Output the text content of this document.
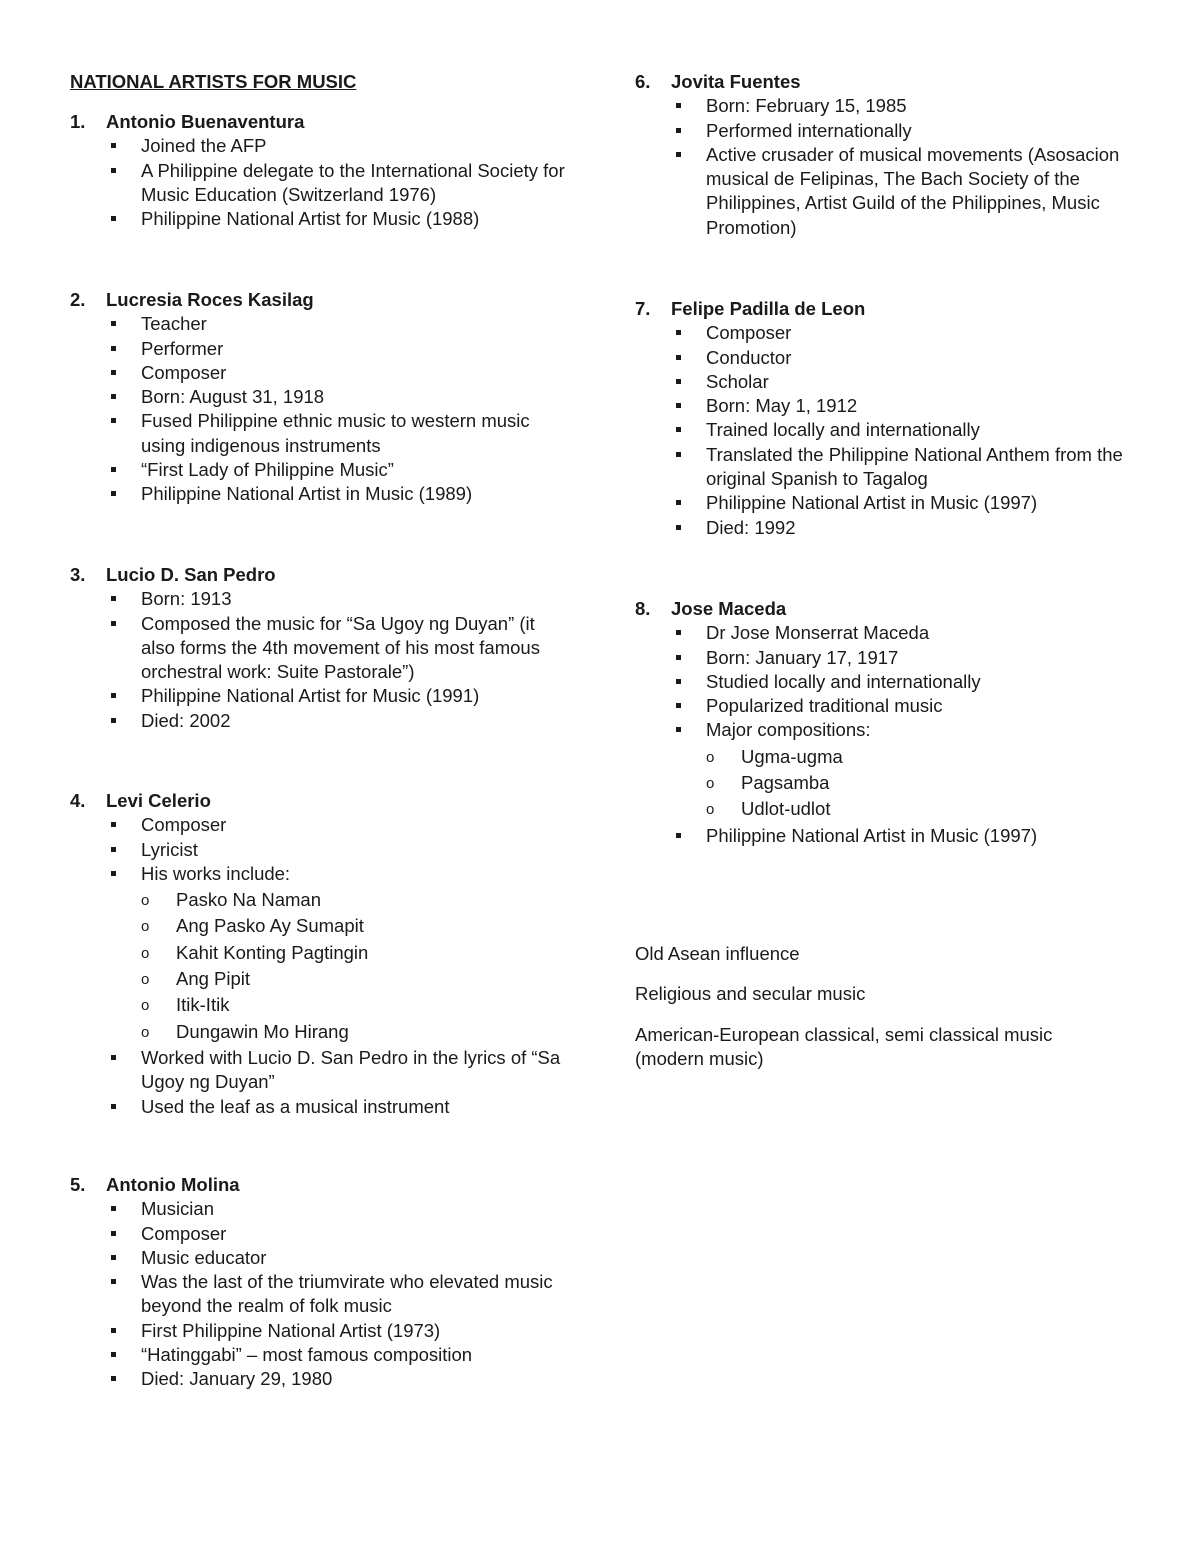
NATIONAL ARTISTS FOR MUSIC
1.	Antonio Buenaventura
Joined the AFP
A Philippine delegate to the International Society for Music Education (Switzerland 1976)
Philippine National Artist for Music (1988)
2.	Lucresia Roces Kasilag
Teacher
Performer
Composer
Born: August 31, 1918
Fused Philippine ethnic music to western music using indigenous instruments
“First Lady of Philippine Music”
Philippine National Artist in Music (1989)
3.	Lucio D. San Pedro
Born: 1913
Composed the music for “Sa Ugoy ng Duyan” (it also forms the 4th movement of his most famous orchestral work: Suite Pastorale”)
Philippine National Artist for Music (1991)
Died: 2002
4.	Levi Celerio
Composer
Lyricist
His works include:
o Pasko Na Naman
o Ang Pasko Ay Sumapit
o Kahit Konting Pagtingin
o Ang Pipit
o Itik-Itik
o Dungawin Mo Hirang
Worked with Lucio D. San Pedro in the lyrics of “Sa Ugoy ng Duyan”
Used the leaf as a musical instrument
5.	Antonio Molina
Musician
Composer
Music educator
Was the last of the triumvirate who elevated music beyond the realm of folk music
First Philippine National Artist (1973)
“Hatinggabi” – most famous composition
Died: January 29, 1980
6.	Jovita Fuentes
Born: February 15, 1985
Performed internationally
Active crusader of musical movements (Asosacion musical de Felipinas, The Bach Society of the Philippines, Artist Guild of the Philippines, Music Promotion)
7.	Felipe Padilla de Leon
Composer
Conductor
Scholar
Born: May 1, 1912
Trained locally and internationally
Translated the Philippine National Anthem from the original Spanish to Tagalog
Philippine National Artist in Music (1997)
Died: 1992
8.	Jose Maceda
Dr Jose Monserrat Maceda
Born: January 17, 1917
Studied locally and internationally
Popularized traditional music
Major compositions:
o Ugma-ugma
o Pagsamba
o Udlot-udlot
Philippine National Artist in Music (1997)

Old Asean influence

Religious and secular music

American-European classical, semi classical music (modern music)
